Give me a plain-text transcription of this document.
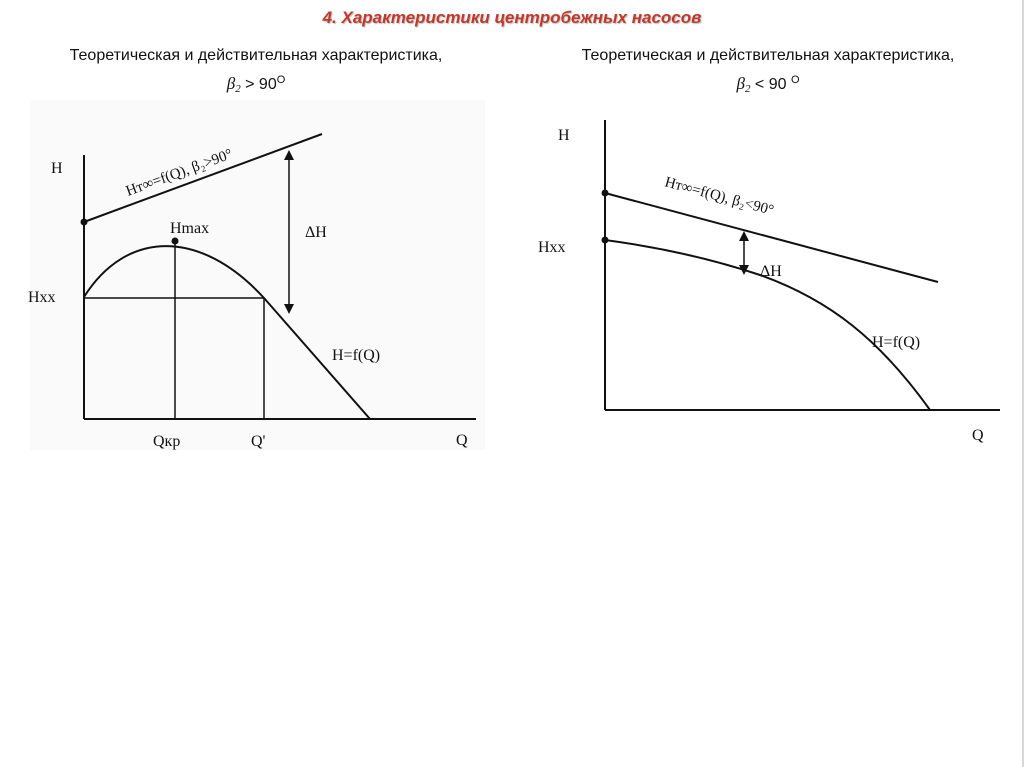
4. Характеристики центробежных насосов
Теоретическая и действительная характеристика,
$\beta_2 > 90^O$
Теоретическая и действительная характеристика,
$\beta_2 < 90$ $^O$
H
Q
Hт∞=f(Q), β₂>90°
ΔH
Hmax
Hxx
H=f(Q)
Qкр	Q'
H
Q
Hт∞=f(Q), β₂<90°
ΔH
Hxx
H=f(Q)
